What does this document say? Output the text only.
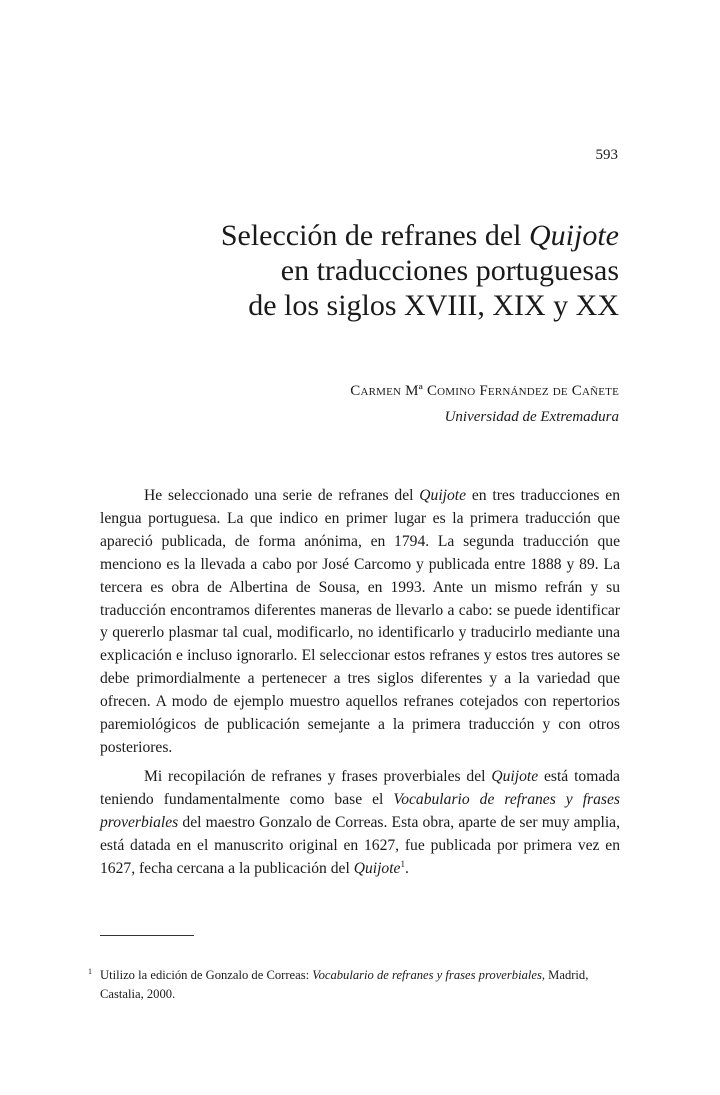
593
Selección de refranes del Quijote
en traducciones portuguesas
de los siglos XVIII, XIX y XX
Carmen Mª Comino Fernández de Cañete
Universidad de Extremadura

He seleccionado una serie de refranes del Quijote en tres traducciones en lengua portuguesa. La que indico en primer lugar es la primera traducción que apareció publicada, de forma anónima, en 1794. La segunda traducción que menciono es la llevada a cabo por José Carcomo y publicada entre 1888 y 89. La tercera es obra de Albertina de Sousa, en 1993. Ante un mismo refrán y su traducción encontramos diferentes maneras de llevarlo a cabo: se puede identificar y quererlo plasmar tal cual, modificarlo, no identificarlo y traducirlo mediante una explicación e incluso ignorarlo. El seleccionar estos refranes y estos tres autores se debe primordialmente a pertenecer a tres siglos diferentes y a la variedad que ofrecen. A modo de ejemplo muestro aquellos refranes cotejados con repertorios paremiológicos de publicación semejante a la primera traducción y con otros posteriores.

Mi recopilación de refranes y frases proverbiales del Quijote está tomada teniendo fundamentalmente como base el Vocabulario de refranes y frases proverbiales del maestro Gonzalo de Correas. Esta obra, aparte de ser muy amplia, está datada en el manuscrito original en 1627, fue publicada por primera vez en 1627, fecha cercana a la publicación del Quijote$^1$.

1 Utilizo la edición de Gonzalo de Correas: Vocabulario de refranes y frases proverbiales, Madrid,
Castalia, 2000.
